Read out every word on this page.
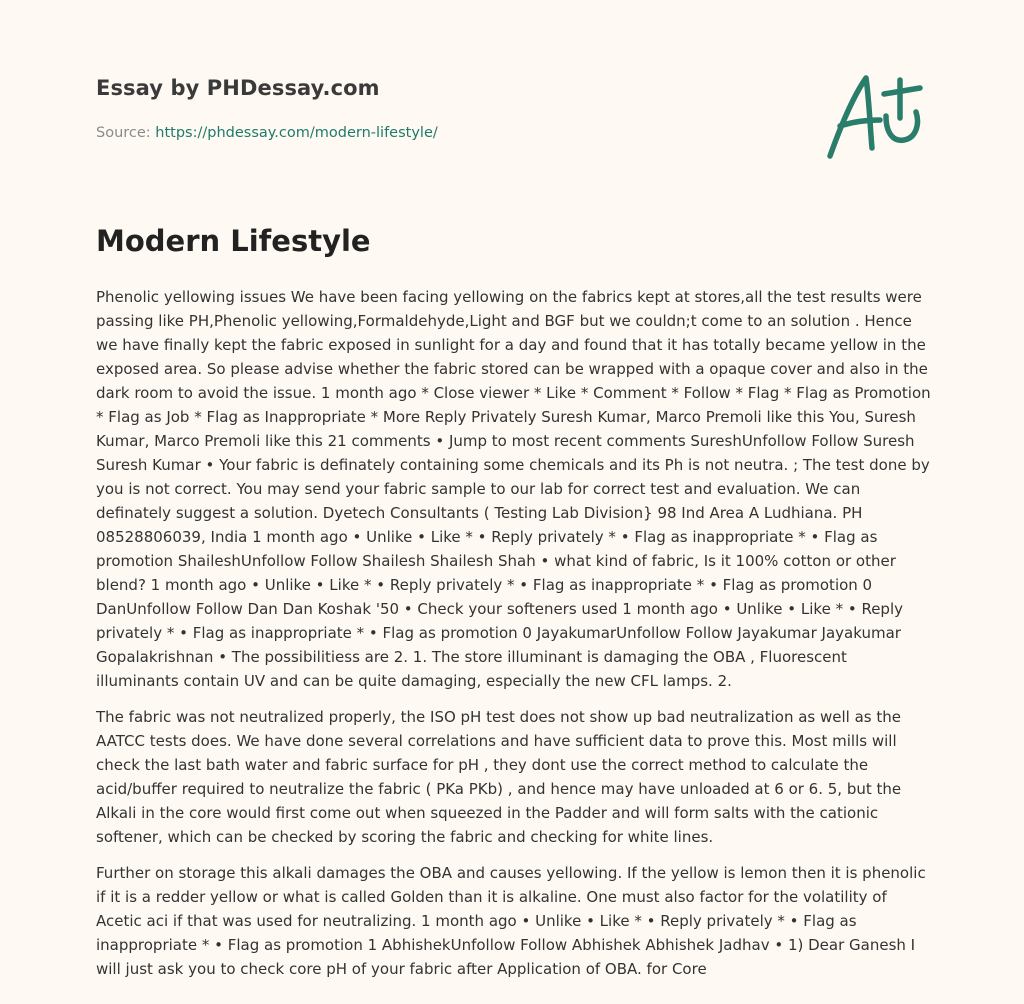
Essay by PHDessay.com
Source: https://phdessay.com/modern-lifestyle/
A+
Modern Lifestyle

Phenolic yellowing issues We have been facing yellowing on the fabrics kept at stores,all the test results were passing like PH,Phenolic yellowing,Formaldehyde,Light and BGF but we couldn;t come to an solution . Hence we have finally kept the fabric exposed in sunlight for a day and found that it has totally became yellow in the exposed area. So please advise whether the fabric stored can be wrapped with a opaque cover and also in the dark room to avoid the issue. 1 month ago * Close viewer * Like * Comment * Follow * Flag * Flag as Promotion * Flag as Job * Flag as Inappropriate * More Reply Privately Suresh Kumar, Marco Premoli like this You, Suresh Kumar, Marco Premoli like this 21 comments • Jump to most recent comments SureshUnfollow Follow Suresh Suresh Kumar • Your fabric is definately containing some chemicals and its Ph is not neutra. ; The test done by you is not correct. You may send your fabric sample to our lab for correct test and evaluation. We can definately suggest a solution. Dyetech Consultants ( Testing Lab Division} 98 Ind Area A Ludhiana. PH 08528806039, India 1 month ago • Unlike • Like * • Reply privately * • Flag as inappropriate * • Flag as promotion ShaileshUnfollow Follow Shailesh Shailesh Shah • what kind of fabric, Is it 100% cotton or other blend? 1 month ago • Unlike • Like * • Reply privately * • Flag as inappropriate * • Flag as promotion 0 DanUnfollow Follow Dan Dan Koshak '50 • Check your softeners used 1 month ago • Unlike • Like * • Reply privately * • Flag as inappropriate * • Flag as promotion 0 JayakumarUnfollow Follow Jayakumar Jayakumar Gopalakrishnan • The possibilitiess are 2. 1. The store illuminant is damaging the OBA , Fluorescent illuminants contain UV and can be quite damaging, especially the new CFL lamps. 2.

The fabric was not neutralized properly, the ISO pH test does not show up bad neutralization as well as the AATCC tests does. We have done several correlations and have sufficient data to prove this. Most mills will check the last bath water and fabric surface for pH , they dont use the correct method to calculate the acid/buffer required to neutralize the fabric ( PKa PKb) , and hence may have unloaded at 6 or 6. 5, but the Alkali in the core would first come out when squeezed in the Padder and will form salts with the cationic softener, which can be checked by scoring the fabric and checking for white lines.

Further on storage this alkali damages the OBA and causes yellowing. If the yellow is lemon then it is phenolic if it is a redder yellow or what is called Golden than it is alkaline. One must also factor for the volatility of Acetic aci if that was used for neutralizing. 1 month ago • Unlike • Like * • Reply privately * • Flag as inappropriate * • Flag as promotion 1 AbhishekUnfollow Follow Abhishek Abhishek Jadhav • 1) Dear Ganesh I will just ask you to check core pH of your fabric after Application of OBA. for Core
